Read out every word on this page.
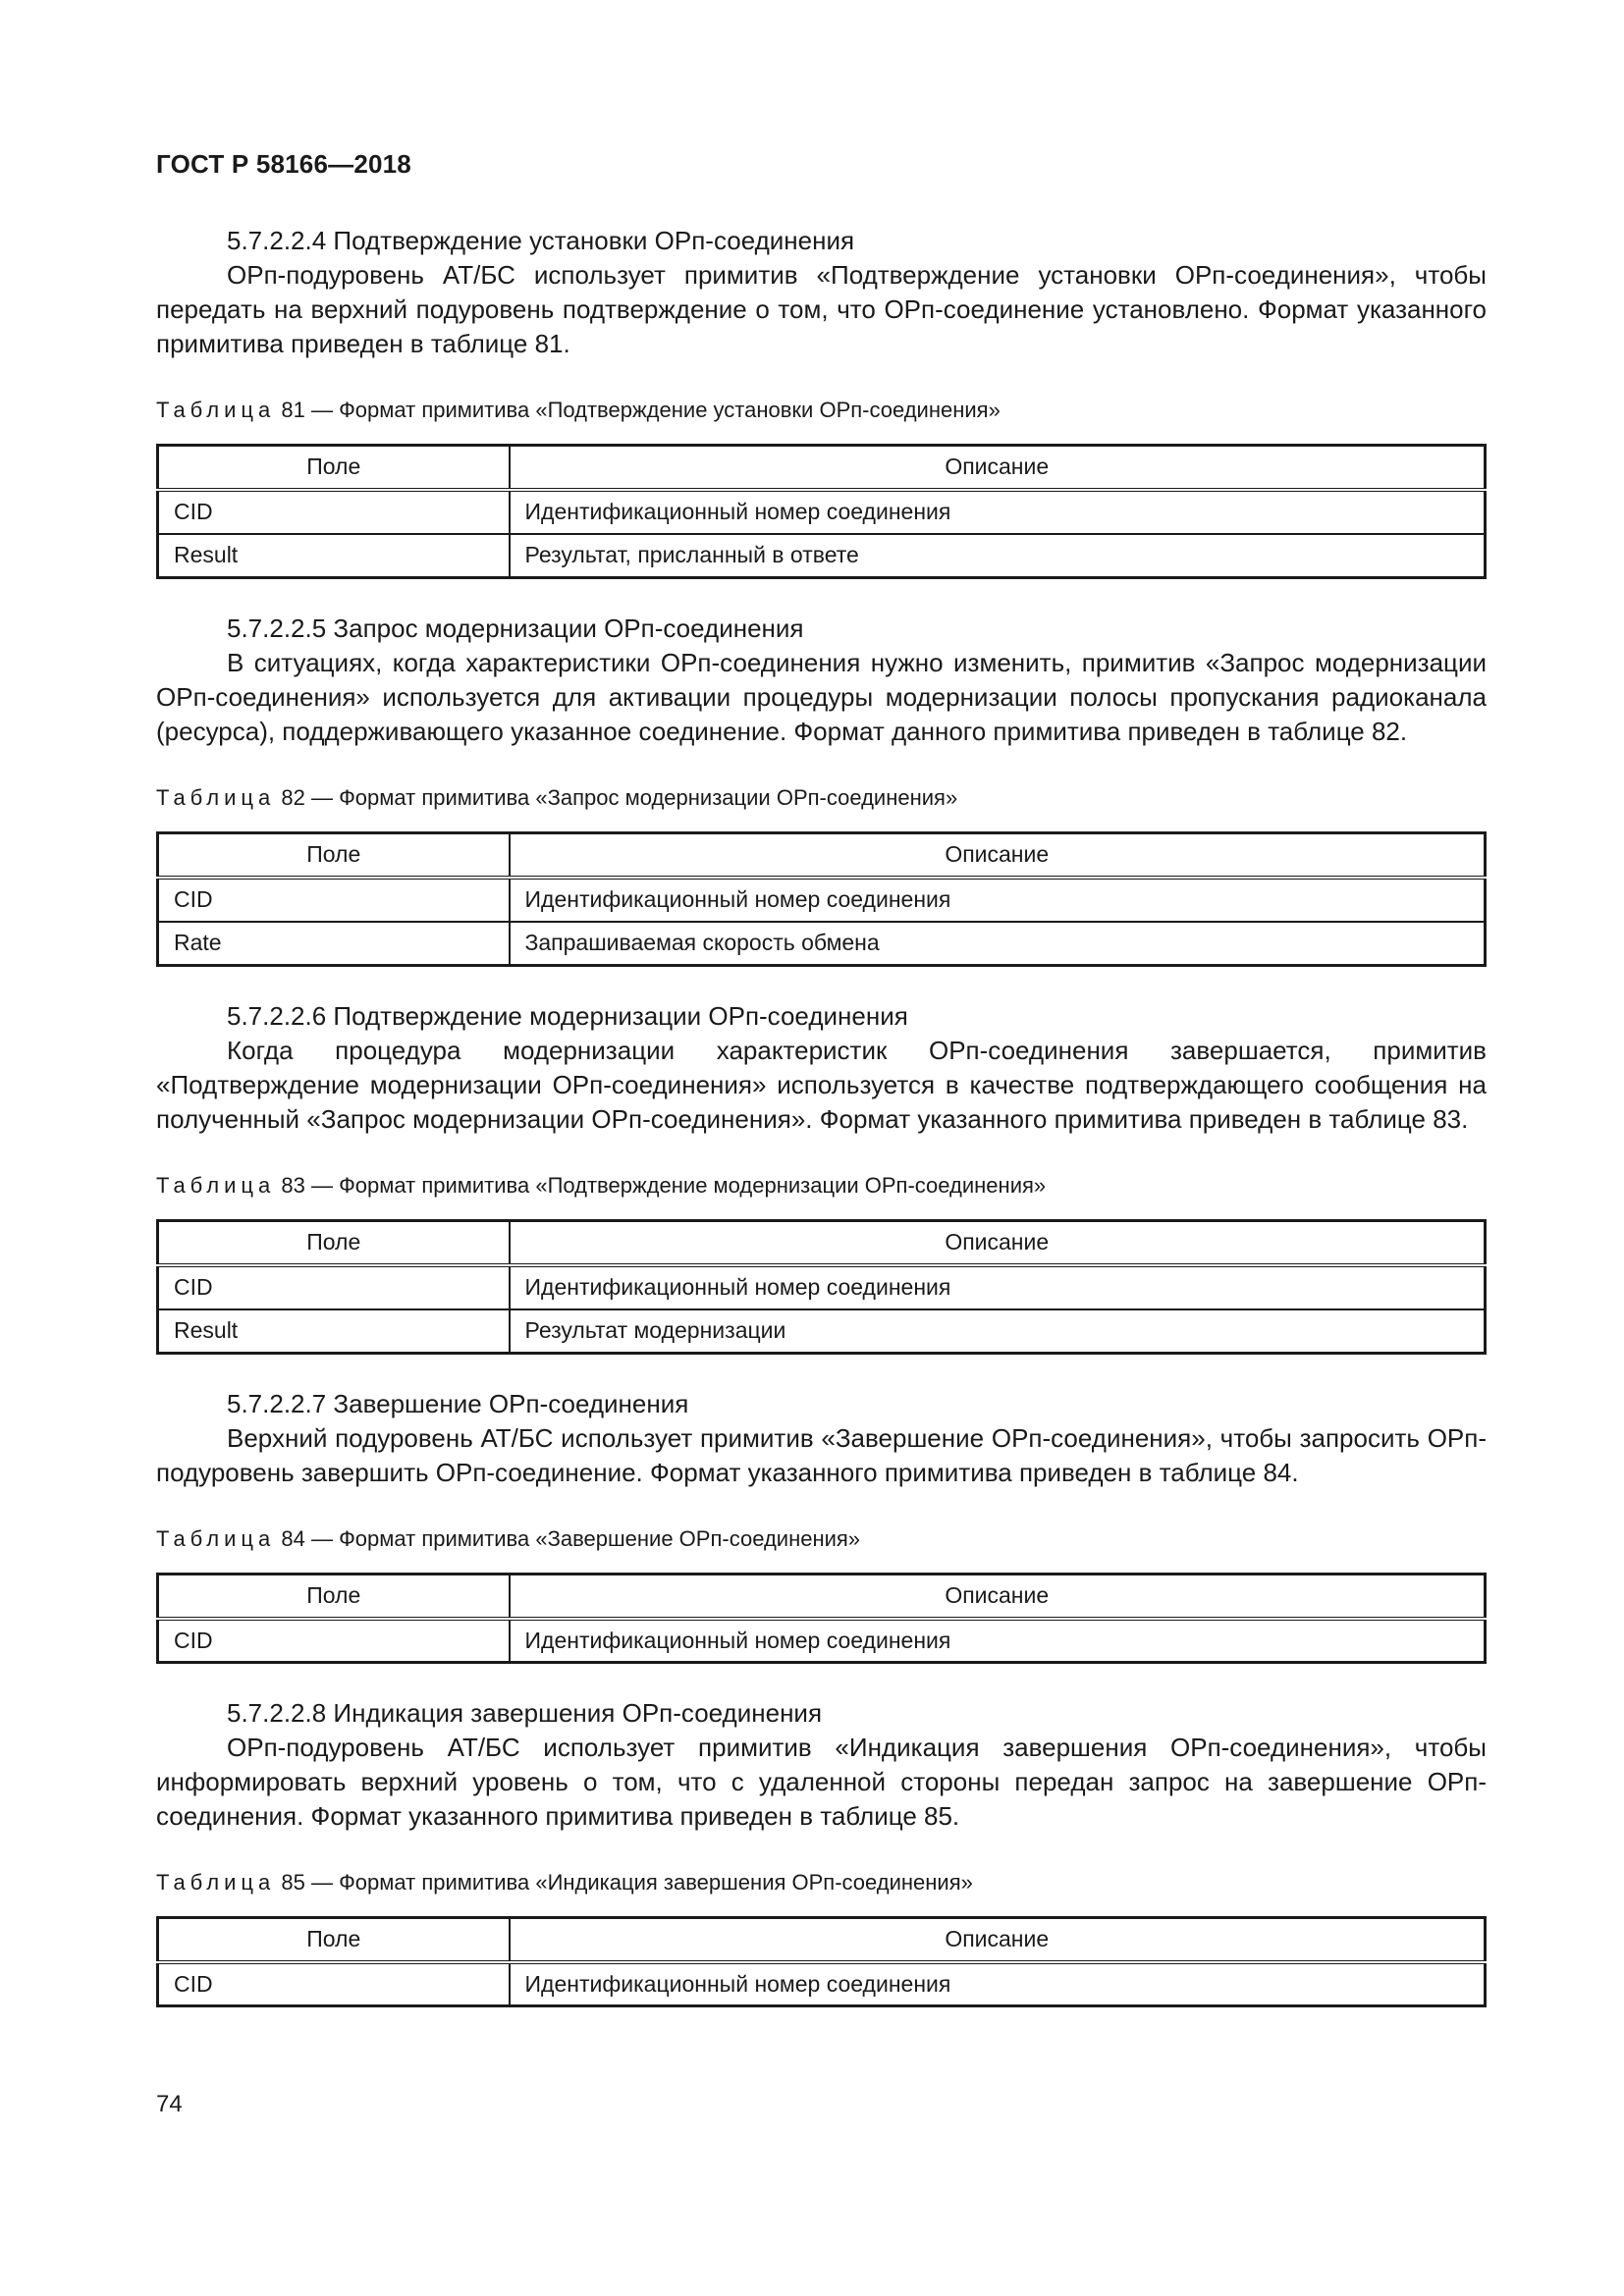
ГОСТ Р 58166—2018
5.7.2.2.4 Подтверждение установки ОРп-соединения
ОРп-подуровень АТ/БС использует примитив «Подтверждение установки ОРп-соединения», чтобы передать на верхний подуровень подтверждение о том, что ОРп-соединение установлено. Формат указанного примитива приведен в таблице 81.
Таблица 81 — Формат примитива «Подтверждение установки ОРп-соединения»
Поле	Описание
CID	Идентификационный номер соединения
Result	Результат, присланный в ответе
5.7.2.2.5 Запрос модернизации ОРп-соединения
В ситуациях, когда характеристики ОРп-соединения нужно изменить, примитив «Запрос модернизации ОРп-соединения» используется для активации процедуры модернизации полосы пропускания радиоканала (ресурса), поддерживающего указанное соединение. Формат данного примитива приведен в таблице 82.
Таблица 82 — Формат примитива «Запрос модернизации ОРп-соединения»
Поле	Описание
CID	Идентификационный номер соединения
Rate	Запрашиваемая скорость обмена
5.7.2.2.6 Подтверждение модернизации ОРп-соединения
Когда процедура модернизации характеристик ОРп-соединения завершается, примитив «Подтверждение модернизации ОРп-соединения» используется в качестве подтверждающего сообщения на полученный «Запрос модернизации ОРп-соединения». Формат указанного примитива приведен в таблице 83.
Таблица 83 — Формат примитива «Подтверждение модернизации ОРп-соединения»
Поле	Описание
CID	Идентификационный номер соединения
Result	Результат модернизации
5.7.2.2.7 Завершение ОРп-соединения
Верхний подуровень АТ/БС использует примитив «Завершение ОРп-соединения», чтобы запросить ОРп-подуровень завершить ОРп-соединение. Формат указанного примитива приведен в таблице 84.
Таблица 84 — Формат примитива «Завершение ОРп-соединения»
Поле	Описание
CID	Идентификационный номер соединения
5.7.2.2.8 Индикация завершения ОРп-соединения
ОРп-подуровень АТ/БС использует примитив «Индикация завершения ОРп-соединения», чтобы информировать верхний уровень о том, что с удаленной стороны передан запрос на завершение ОРп-соединения. Формат указанного примитива приведен в таблице 85.
Таблица 85 — Формат примитива «Индикация завершения ОРп-соединения»
Поле	Описание
CID	Идентификационный номер соединения
74
